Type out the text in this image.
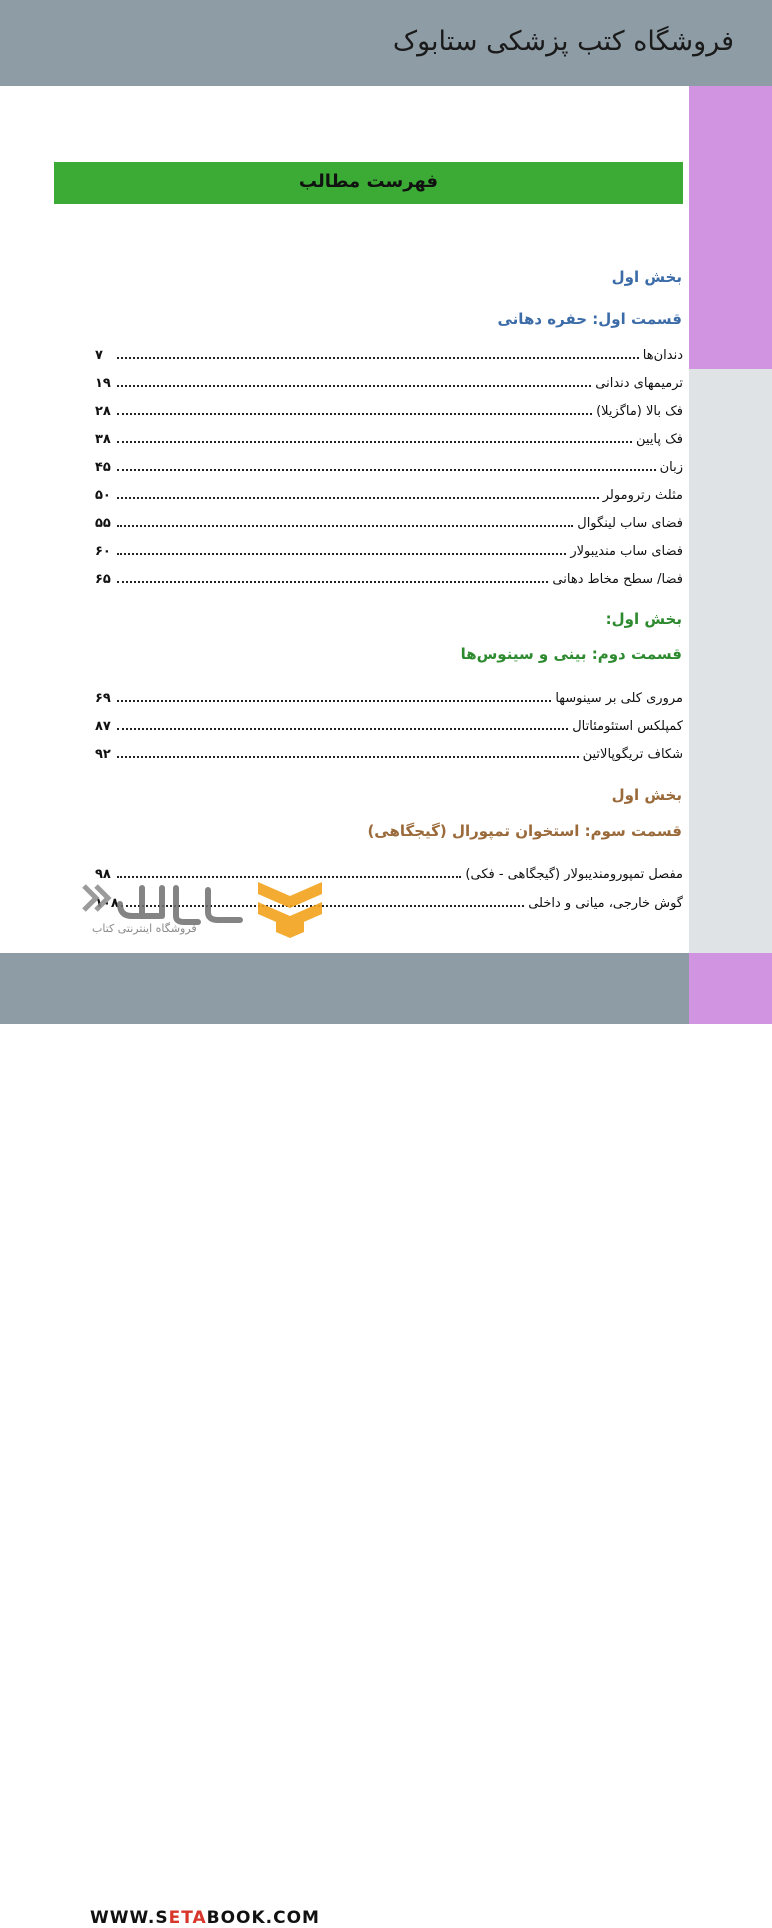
فروشگاه کتب پزشکی ستابوک
فهرست مطالب
بخش اول
قسمت اول: حفره دهانی
دندان‌ها
۷
ترمیمهای دندانی
۱۹
فک بالا (ماگزیلا)
۲۸
فک پایین
۳۸
زبان
۴۵
مثلث رترومولر
۵۰
فضای ساب لینگوال
۵۵
فضای ساب مندیبولار
۶۰
فضا/ سطح مخاط دهانی
۶۵
بخش اول:
قسمت دوم: بینی و سینوس‌ها
مروری کلی بر سینوسها
۶۹
کمپلکس استئومئاتال
۸۷
شکاف تریگوپالاتین
۹۲
بخش اول
قسمت سوم: استخوان تمپورال (گیجگاهی)
مفصل تمپورومندیبولار (گیجگاهی - فکی)
۹۸
گوش خارجی، میانی و داخلی
۱۰۸
فروشگاه اینترنتی کتاب
WWW.SETABOOK.COM
